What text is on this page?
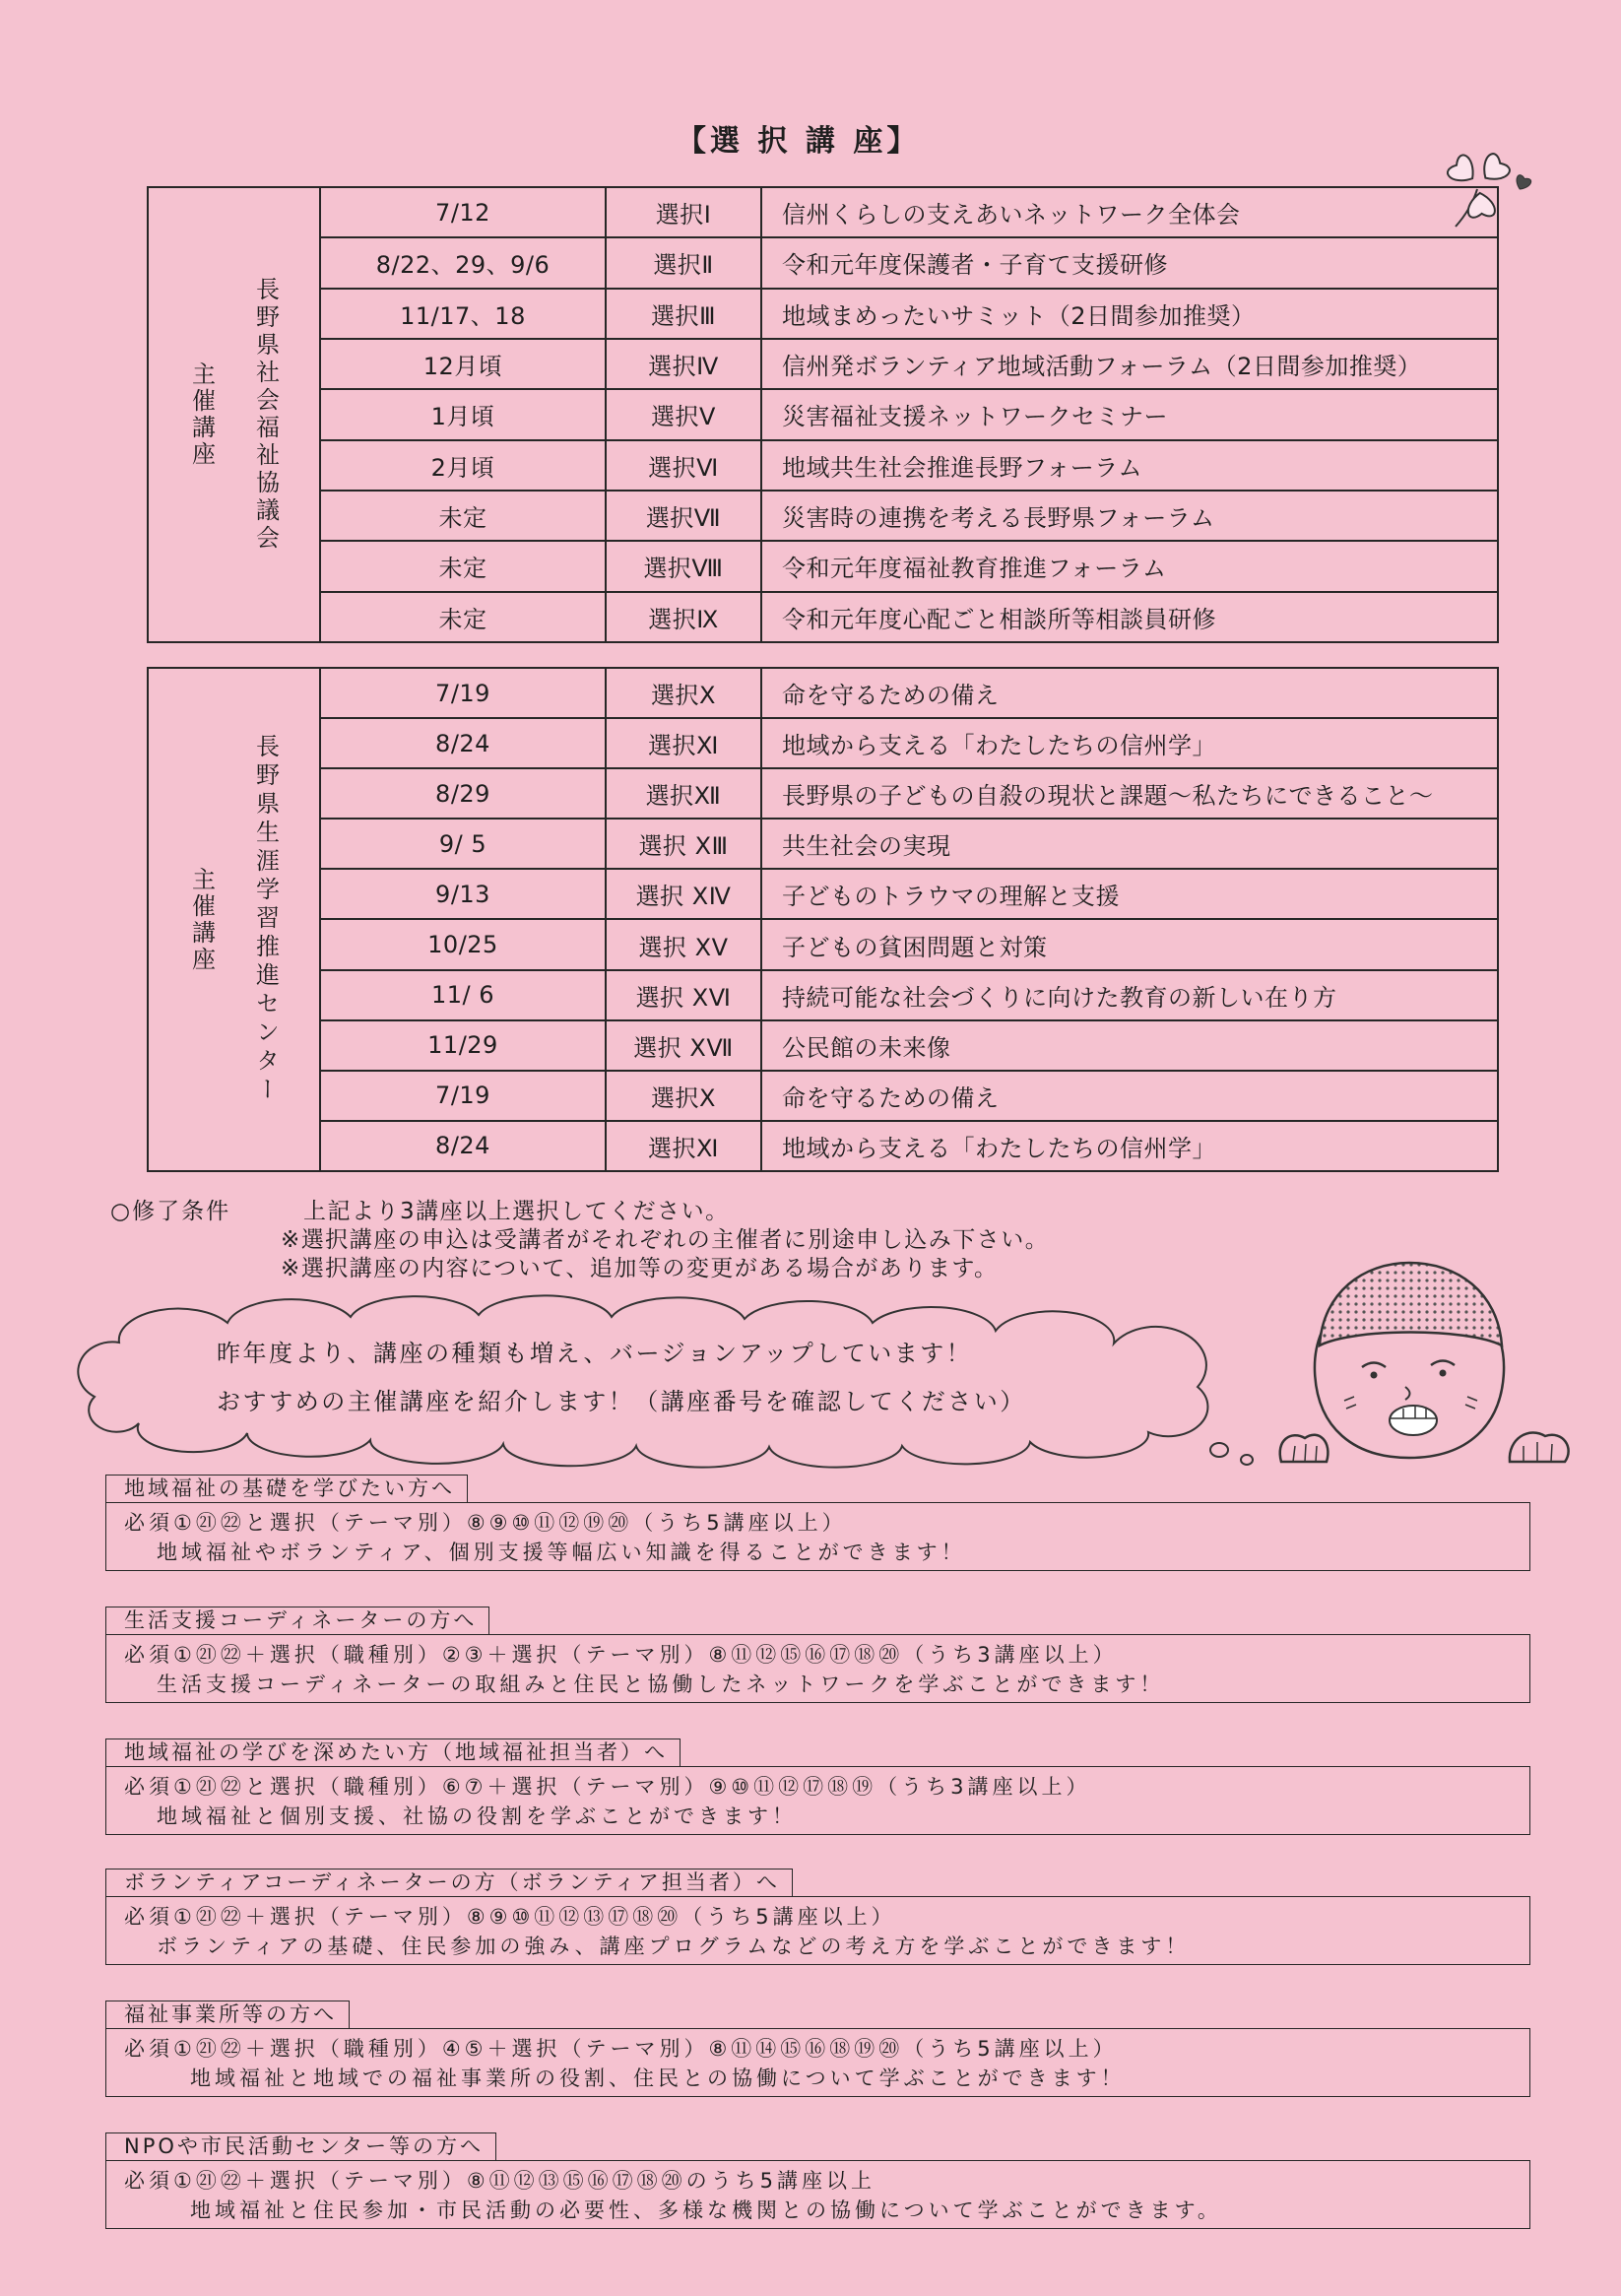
【選 択 講 座】
主催講座 長野県社会福祉協議会	7/12	選択Ⅰ	信州くらしの支えあいネットワーク全体会
	8/22、29、9/6	選択Ⅱ	令和元年度保護者・子育て支援研修
	11/17、18	選択Ⅲ	地域まめったいサミット（2日間参加推奨）
	12月頃	選択Ⅳ	信州発ボランティア地域活動フォーラム（2日間参加推奨）
	1月頃	選択Ⅴ	災害福祉支援ネットワークセミナー
	2月頃	選択Ⅵ	地域共生社会推進長野フォーラム
	未定	選択Ⅶ	災害時の連携を考える長野県フォーラム
	未定	選択Ⅷ	令和元年度福祉教育推進フォーラム
	未定	選択Ⅸ	令和元年度心配ごと相談所等相談員研修
主催講座 長野県生涯学習推進センター	7/19	選択Ⅹ	命を守るための備え
	8/24	選択Ⅺ	地域から支える「わたしたちの信州学」
	8/29	選択Ⅻ	長野県の子どもの自殺の現状と課題～私たちにできること～
	9/ 5	選択 ⅩⅢ	共生社会の実現
	9/13	選択 ⅩⅣ	子どものトラウマの理解と支援
	10/25	選択 ⅩⅤ	子どもの貧困問題と対策
	11/ 6	選択 ⅩⅥ	持続可能な社会づくりに向けた教育の新しい在り方
	11/29	選択 ⅩⅦ	公民館の未来像
	7/19	選択Ⅹ	命を守るための備え
	8/24	選択Ⅺ	地域から支える「わたしたちの信州学」
○修了条件	上記より3講座以上選択してください。
※選択講座の申込は受講者がそれぞれの主催者に別途申し込み下さい。
※選択講座の内容について、追加等の変更がある場合があります。
昨年度より、講座の種類も増え、バージョンアップしています！
おすすめの主催講座を紹介します！（講座番号を確認してください）
地域福祉の基礎を学びたい方へ
必須①㉑㉒と選択（テーマ別）⑧⑨⑩⑪⑫⑲⑳（うち5講座以上）
地域福祉やボランティア、個別支援等幅広い知識を得ることができます！
生活支援コーディネーターの方へ
必須①㉑㉒＋選択（職種別）②③＋選択（テーマ別）⑧⑪⑫⑮⑯⑰⑱⑳（うち3講座以上）
生活支援コーディネーターの取組みと住民と協働したネットワークを学ぶことができます！
地域福祉の学びを深めたい方（地域福祉担当者）へ
必須①㉑㉒と選択（職種別）⑥⑦＋選択（テーマ別）⑨⑩⑪⑫⑰⑱⑲（うち3講座以上）
地域福祉と個別支援、社協の役割を学ぶことができます！
ボランティアコーディネーターの方（ボランティア担当者）へ
必須①㉑㉒＋選択（テーマ別）⑧⑨⑩⑪⑫⑬⑰⑱⑳（うち5講座以上）
ボランティアの基礎、住民参加の強み、講座プログラムなどの考え方を学ぶことができます！
福祉事業所等の方へ
必須①㉑㉒＋選択（職種別）④⑤＋選択（テーマ別）⑧⑪⑭⑮⑯⑱⑲⑳（うち5講座以上）
地域福祉と地域での福祉事業所の役割、住民との協働について学ぶことができます！
NPOや市民活動センター等の方へ
必須①㉑㉒＋選択（テーマ別）⑧⑪⑫⑬⑮⑯⑰⑱⑳のうち5講座以上
地域福祉と住民参加・市民活動の必要性、多様な機関との協働について学ぶことができます。
